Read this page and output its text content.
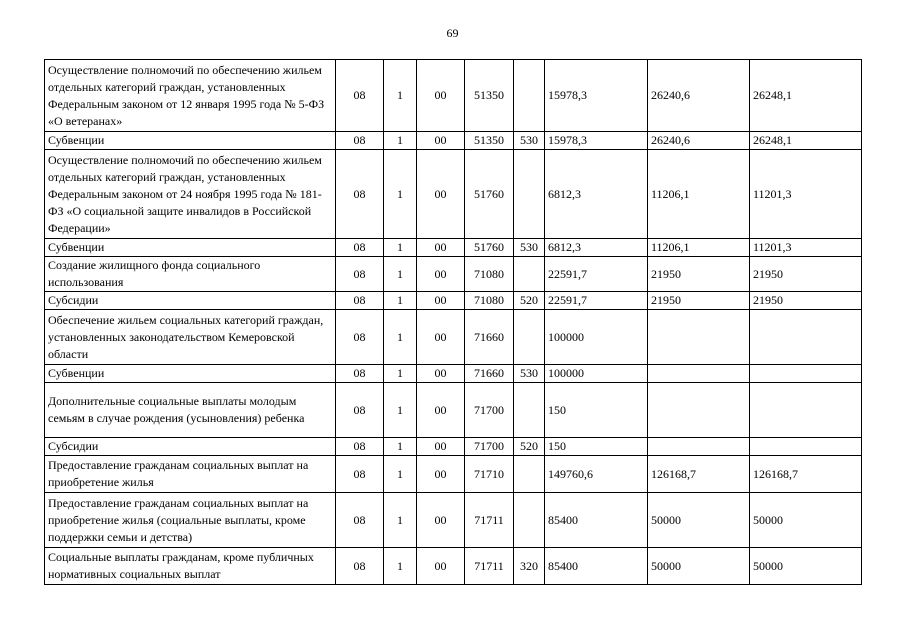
69
Осуществление полномочий по обеспечению жильем отдельных категорий граждан, установленных Федеральным законом от 12 января 1995 года № 5-ФЗ «О ветеранах»	08	1	00	51350		15978,3	26240,6	26248,1
Субвенции	08	1	00	51350	530	15978,3	26240,6	26248,1
Осуществление полномочий по обеспечению жильем отдельных категорий граждан, установленных Федеральным законом от 24 ноября 1995 года № 181-ФЗ «О социальной защите инвалидов в Российской Федерации»	08	1	00	51760		6812,3	11206,1	11201,3
Субвенции	08	1	00	51760	530	6812,3	11206,1	11201,3
Создание жилищного фонда социального использования	08	1	00	71080		22591,7	21950	21950
Субсидии	08	1	00	71080	520	22591,7	21950	21950
Обеспечение жильем социальных категорий граждан, установленных законодательством Кемеровской области	08	1	00	71660		100000		
Субвенции	08	1	00	71660	530	100000		
Дополнительные социальные выплаты молодым семьям в случае рождения (усыновления) ребенка	08	1	00	71700		150		
Субсидии	08	1	00	71700	520	150		
Предоставление гражданам социальных выплат на приобретение жилья	08	1	00	71710		149760,6	126168,7	126168,7
Предоставление гражданам социальных выплат на приобретение жилья (социальные выплаты, кроме поддержки семьи и детства)	08	1	00	71711		85400	50000	50000
Социальные выплаты гражданам, кроме публичных нормативных социальных выплат	08	1	00	71711	320	85400	50000	50000
